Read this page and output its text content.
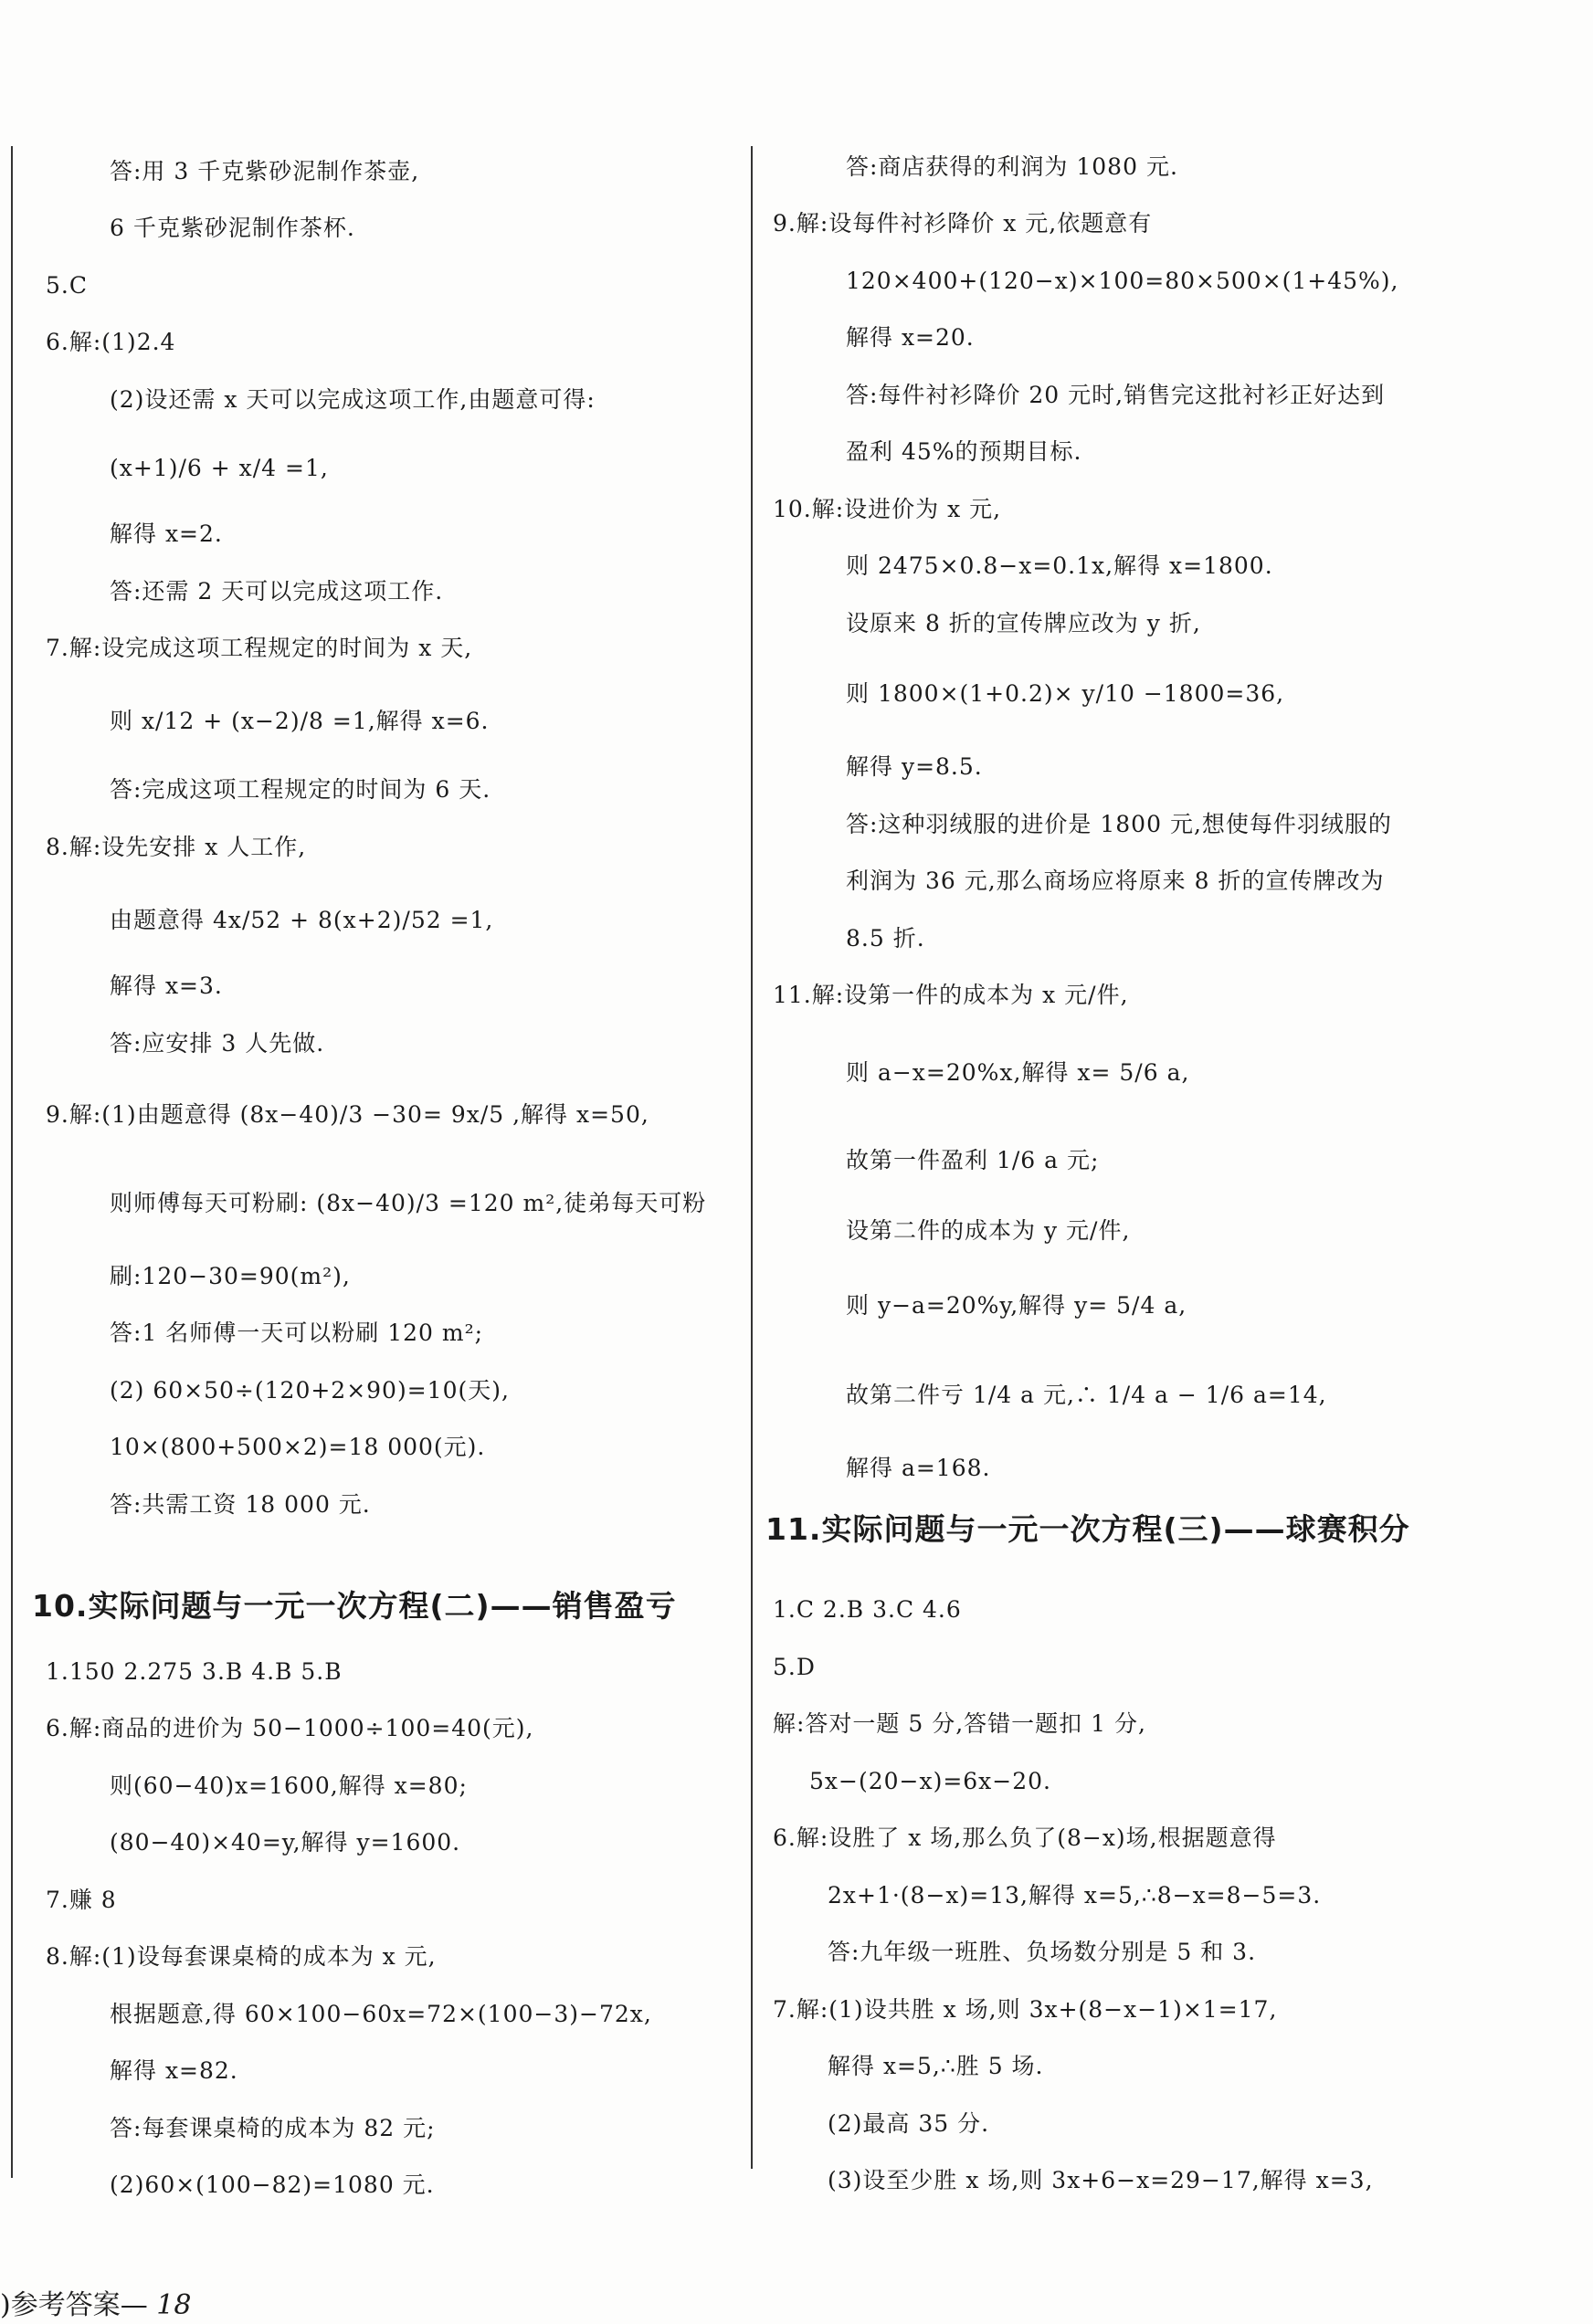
答:用 3 千克紫砂泥制作茶壶,
6 千克紫砂泥制作茶杯.
5.C
6.解:(1)2.4
(2)设还需 x 天可以完成这项工作,由题意可得:
(x+1)/6 + x/4 =1,
解得 x=2.
答:还需 2 天可以完成这项工作.
7.解:设完成这项工程规定的时间为 x 天,
则 x/12 + (x−2)/8 =1,解得 x=6.
答:完成这项工程规定的时间为 6 天.
8.解:设先安排 x 人工作,
由题意得 4x/52 + 8(x+2)/52 =1,
解得 x=3.
答:应安排 3 人先做.
9.解:(1)由题意得 (8x−40)/3 −30= 9x/5 ,解得 x=50,
则师傅每天可粉刷: (8x−40)/3 =120 m²,徒弟每天可粉
刷:120−30=90(m²),
答:1 名师傅一天可以粉刷 120 m²;
(2) 60×50÷(120+2×90)=10(天),
10×(800+500×2)=18 000(元).
答:共需工资 18 000 元.
1.150 2.275 3.B 4.B 5.B
6.解:商品的进价为 50−1000÷100=40(元),
则(60−40)x=1600,解得 x=80;
(80−40)×40=y,解得 y=1600.
7.赚 8
8.解:(1)设每套课桌椅的成本为 x 元,
根据题意,得 60×100−60x=72×(100−3)−72x,
解得 x=82.
答:每套课桌椅的成本为 82 元;
(2)60×(100−82)=1080 元.
10.实际问题与一元一次方程(二)——销售盈亏
答:商店获得的利润为 1080 元.
9.解:设每件衬衫降价 x 元,依题意有
120×400+(120−x)×100=80×500×(1+45%),
解得 x=20.
答:每件衬衫降价 20 元时,销售完这批衬衫正好达到
盈利 45%的预期目标.
10.解:设进价为 x 元,
则 2475×0.8−x=0.1x,解得 x=1800.
设原来 8 折的宣传牌应改为 y 折,
则 1800×(1+0.2)× y/10 −1800=36,
解得 y=8.5.
答:这种羽绒服的进价是 1800 元,想使每件羽绒服的
利润为 36 元,那么商场应将原来 8 折的宣传牌改为
8.5 折.
11.解:设第一件的成本为 x 元/件,
则 a−x=20%x,解得 x= 5/6 a,
故第一件盈利 1/6 a 元;
设第二件的成本为 y 元/件,
则 y−a=20%y,解得 y= 5/4 a,
故第二件亏 1/4 a 元,∴ 1/4 a − 1/6 a=14,
解得 a=168.
1.C 2.B 3.C 4.6
5.D
解:答对一题 5 分,答错一题扣 1 分,
5x−(20−x)=6x−20.
6.解:设胜了 x 场,那么负了(8−x)场,根据题意得
2x+1·(8−x)=13,解得 x=5,∴8−x=8−5=3.
答:九年级一班胜、负场数分别是 5 和 3.
7.解:(1)设共胜 x 场,则 3x+(8−x−1)×1=17,
解得 x=5,∴胜 5 场.
(2)最高 35 分.
(3)设至少胜 x 场,则 3x+6−x=29−17,解得 x=3,
11.实际问题与一元一次方程(三)——球赛积分
)参考答案— 18
